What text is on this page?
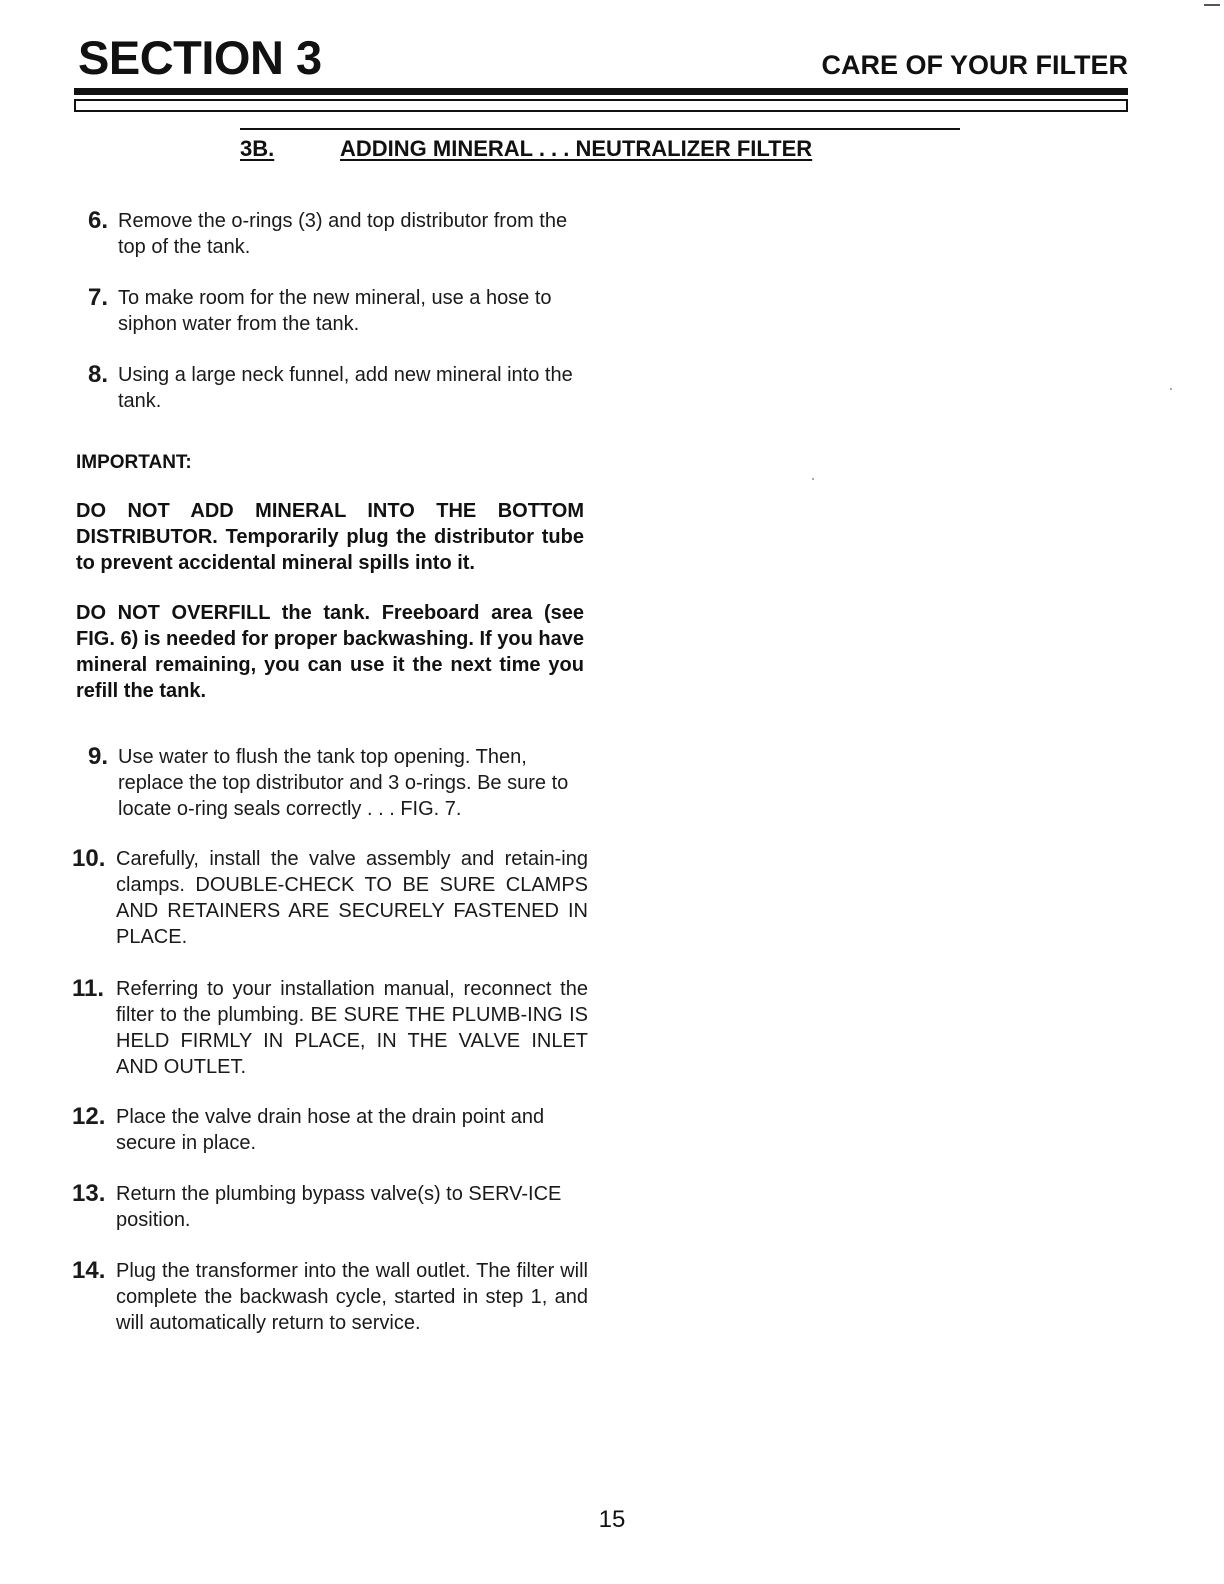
SECTION 3	CARE OF YOUR FILTER
3B.	ADDING MINERAL . . . NEUTRALIZER FILTER
6. Remove the o-rings (3) and top distributor from the top of the tank.
7. To make room for the new mineral, use a hose to siphon water from the tank.
8. Using a large neck funnel, add new mineral into the tank.
IMPORTANT:
DO NOT ADD MINERAL INTO THE BOTTOM DISTRIBUTOR. Temporarily plug the distributor tube to prevent accidental mineral spills into it.
DO NOT OVERFILL the tank. Freeboard area (see FIG. 6) is needed for proper backwashing. If you have mineral remaining, you can use it the next time you refill the tank.
9. Use water to flush the tank top opening. Then, replace the top distributor and 3 o-rings. Be sure to locate o-ring seals correctly . . . FIG. 7.
10. Carefully, install the valve assembly and retain-ing clamps. DOUBLE-CHECK TO BE SURE CLAMPS AND RETAINERS ARE SECURELY FASTENED IN PLACE.
11. Referring to your installation manual, reconnect the filter to the plumbing. BE SURE THE PLUMB-ING IS HELD FIRMLY IN PLACE, IN THE VALVE INLET AND OUTLET.
12. Place the valve drain hose at the drain point and secure in place.
13. Return the plumbing bypass valve(s) to SERV-ICE position.
14. Plug the transformer into the wall outlet. The filter will complete the backwash cycle, started in step 1, and will automatically return to service.
15
